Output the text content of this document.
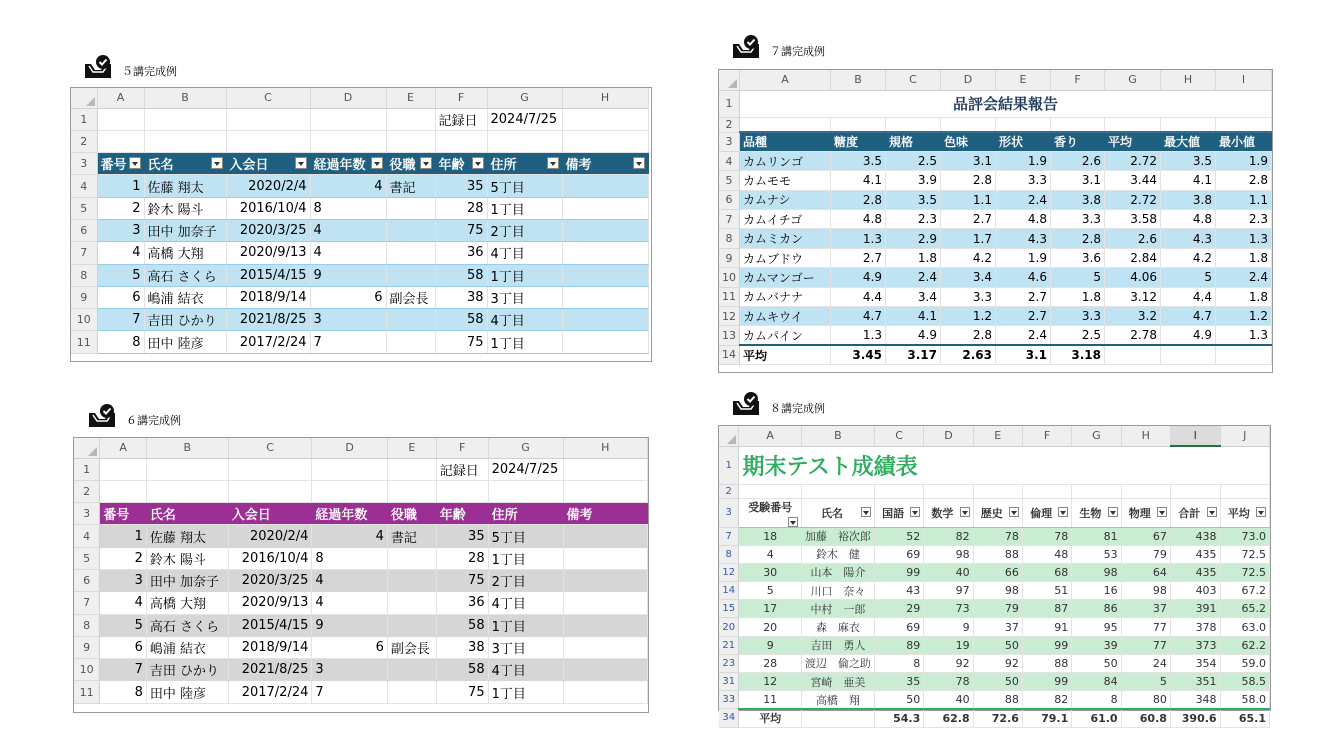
５講完成例
	A	B	C	D	E	F	G	H
1						記録日	2024/7/25	
2								
3	番号	氏名	入会日	経過年数	役職	年齢	住所	備考

4	1	佐藤 翔太	2020/2/4	4	書記	35	5丁目	
5	2	鈴木 陽斗	2016/10/4	8		28	1丁目	
6	3	田中 加奈子	2020/3/25	4		75	2丁目	
7	4	高橋 大翔	2020/9/13	4		36	4丁目	
8	5	高石 さくら	2015/4/15	9		58	1丁目	
9	6	嶋浦 結衣	2018/9/14	6	副会長	38	3丁目	
10	7	吉田 ひかり	2021/8/25	3		58	4丁目	
11	8	田中 陸彦	2017/2/24	7		75	1丁目	
６講完成例
	A	B	C	D	E	F	G	H
1						記録日	2024/7/25	
2								
3	番号	氏名	入会日	経過年数	役職	年齢	住所	備考
4	1	佐藤 翔太	2020/2/4	4	書記	35	5丁目	
5	2	鈴木 陽斗	2016/10/4	8		28	1丁目	
6	3	田中 加奈子	2020/3/25	4		75	2丁目	
7	4	高橋 大翔	2020/9/13	4		36	4丁目	
8	5	高石 さくら	2015/4/15	9		58	1丁目	
9	6	嶋浦 結衣	2018/9/14	6	副会長	38	3丁目	
10	7	吉田 ひかり	2021/8/25	3		58	4丁目	
11	8	田中 陸彦	2017/2/24	7		75	1丁目	
７講完成例
	A	B	C	D	E	F	G	H	I
1	品評会結果報告								
2									
3	品種	糖度	規格	色味	形状	香り	平均	最大値	最小値
4	カムリンゴ	3.5	2.5	3.1	1.9	2.6	2.72	3.5	1.9
5	カムモモ	4.1	3.9	2.8	3.3	3.1	3.44	4.1	2.8
6	カムナシ	2.8	3.5	1.1	2.4	3.8	2.72	3.8	1.1
7	カムイチゴ	4.8	2.3	2.7	4.8	3.3	3.58	4.8	2.3
8	カムミカン	1.3	2.9	1.7	4.3	2.8	2.6	4.3	1.3
9	カムブドウ	2.7	1.8	4.2	1.9	3.6	2.84	4.2	1.8
10	カムマンゴー	4.9	2.4	3.4	4.6	5	4.06	5	2.4
11	カムバナナ	4.4	3.4	3.3	2.7	1.8	3.12	4.4	1.8
12	カムキウイ	4.7	4.1	1.2	2.7	3.3	3.2	4.7	1.2
13	カムパイン	1.3	4.9	2.8	2.4	2.5	2.78	4.9	1.3
14	平均	3.45	3.17	2.63	3.1	3.18			
８講完成例
	A	B	C	D	E	F	G	H	I	J
1	期末テスト成績表									
2										
3	受験番号	氏名	国語	数学	歴史	倫理	生物	物理	合計	平均

7	18	加藤　裕次郎	52	82	78	78	81	67	438	73.0
8	4	鈴木　健	69	98	88	48	53	79	435	72.5
12	30	山本　陽介	99	40	66	68	98	64	435	72.5
14	5	川口　奈々	43	97	98	51	16	98	403	67.2
15	17	中村　一郎	29	73	79	87	86	37	391	65.2
20	20	森　麻衣	69	9	37	91	95	77	378	63.0
21	9	吉田　勇人	89	19	50	99	39	77	373	62.2
23	28	渡辺　倫之助	8	92	92	88	50	24	354	59.0
31	12	宮崎　亜美	35	78	50	99	84	5	351	58.5
33	11	高橋　翔	50	40	88	82	8	80	348	58.0
34	平均		54.3	62.8	72.6	79.1	61.0	60.8	390.6	65.1
